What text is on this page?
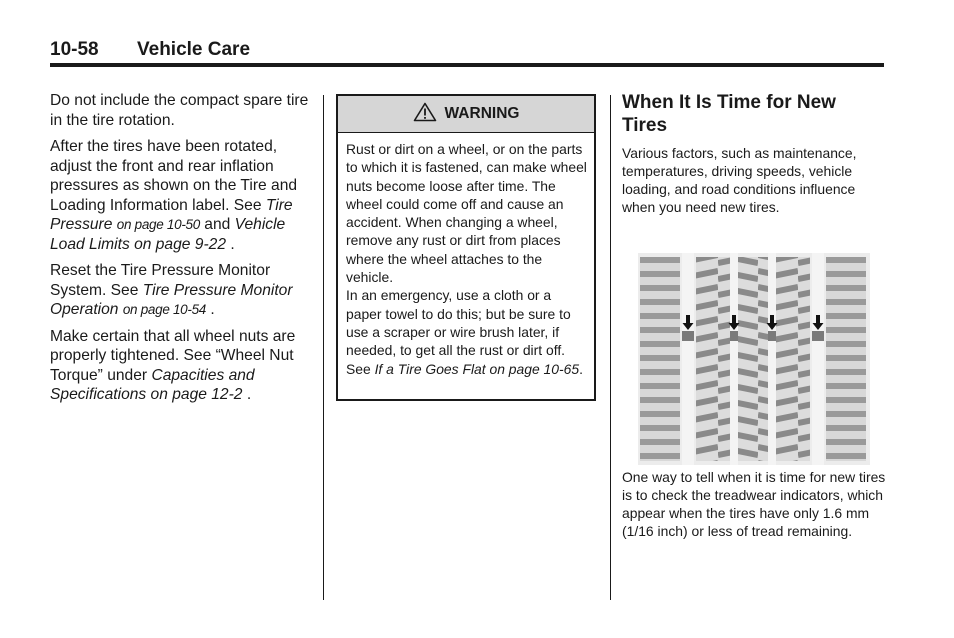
10-58 Vehicle Care

Do not include the compact spare tire in the tire rotation.

After the tires have been rotated, adjust the front and rear inflation pressures as shown on the Tire and Loading Information label. See Tire Pressure on page 10-50 and Vehicle Load Limits on page 9-22 .

Reset the Tire Pressure Monitor System. See Tire Pressure Monitor Operation on page 10-54 .

Make certain that all wheel nuts are properly tightened. See “Wheel Nut Torque” under Capacities and Specifications on page 12-2 .

WARNING

Rust or dirt on a wheel, or on the parts to which it is fastened, can make wheel nuts become loose after time. The wheel could come off and cause an accident. When changing a wheel, remove any rust or dirt from places where the wheel attaches to the vehicle.

In an emergency, use a cloth or a paper towel to do this; but be sure to use a scraper or wire brush later, if needed, to get all the rust or dirt off. See If a Tire Goes Flat on page 10-65.

When It Is Time for New Tires

Various factors, such as maintenance, temperatures, driving speeds, vehicle loading, and road conditions influence when you need new tires.

One way to tell when it is time for new tires is to check the treadwear indicators, which appear when the tires have only 1.6 mm (1/16 inch) or less of tread remaining.
